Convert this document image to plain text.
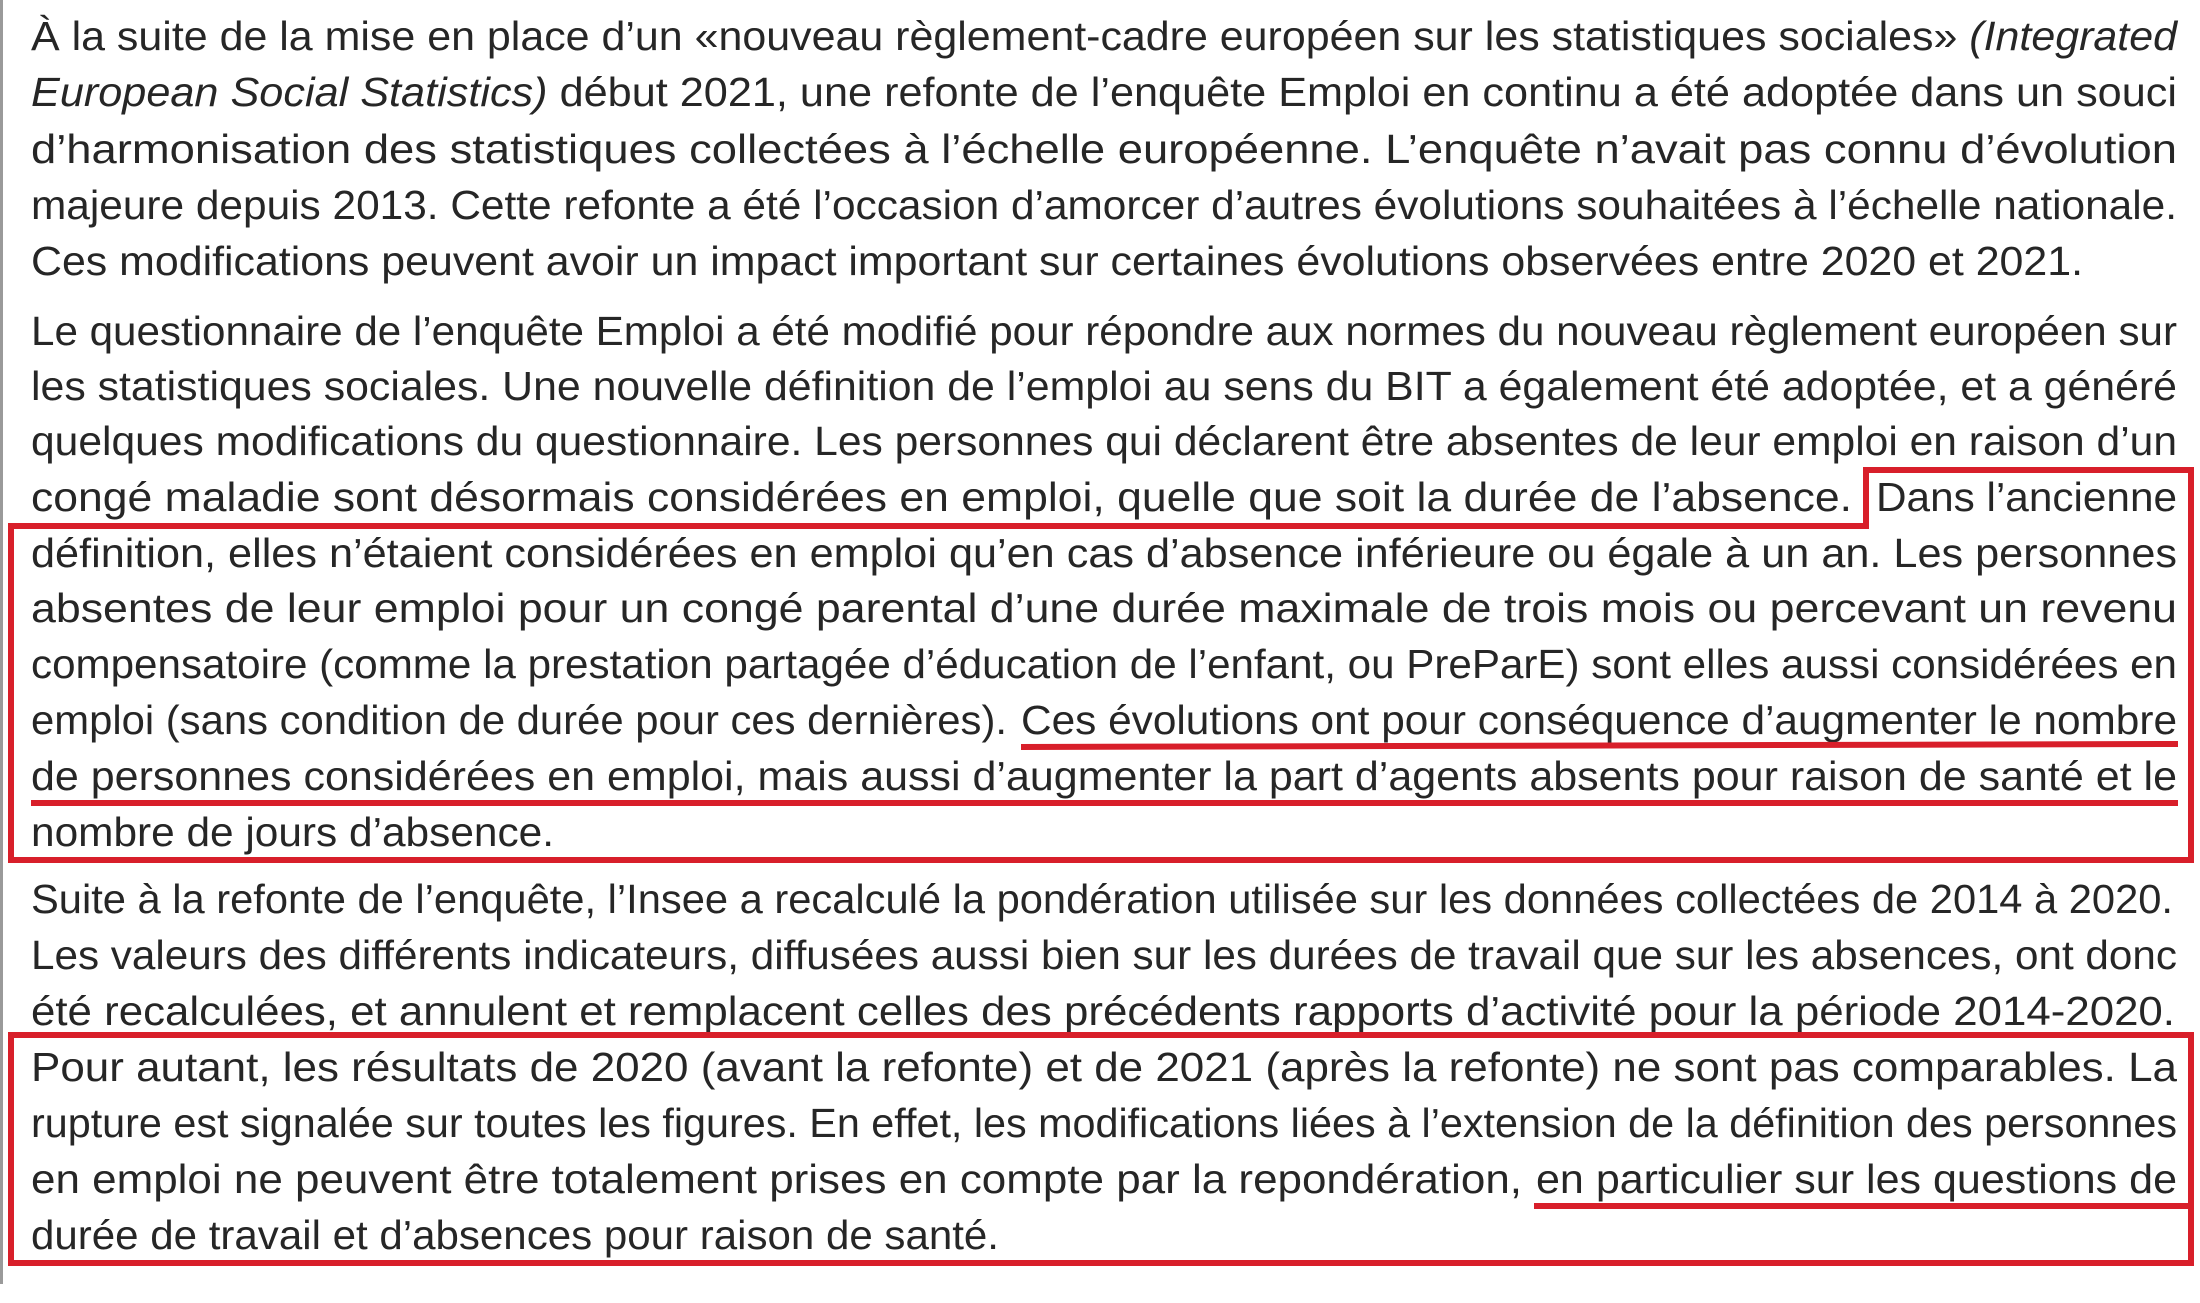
À la suite de la mise en place d’un «nouveau règlement-cadre européen sur les statistiques sociales» (Integrated
European Social Statistics) début 2021, une refonte de l’enquête Emploi en continu a été adoptée dans un souci
d’harmonisation des statistiques collectées à l’échelle européenne. L’enquête n’avait pas connu d’évolution
majeure depuis 2013. Cette refonte a été l’occasion d’amorcer d’autres évolutions souhaitées à l’échelle nationale.
Ces modifications peuvent avoir un impact important sur certaines évolutions observées entre 2020 et 2021.
Le questionnaire de l’enquête Emploi a été modifié pour répondre aux normes du nouveau règlement européen sur
les statistiques sociales. Une nouvelle définition de l’emploi au sens du BIT a également été adoptée, et a généré
quelques modifications du questionnaire. Les personnes qui déclarent être absentes de leur emploi en raison d’un
congé maladie sont désormais considérées en emploi, quelle que soit la durée de l’absence. Dans l’ancienne
définition, elles n’étaient considérées en emploi qu’en cas d’absence inférieure ou égale à un an. Les personnes
absentes de leur emploi pour un congé parental d’une durée maximale de trois mois ou percevant un revenu
compensatoire (comme la prestation partagée d’éducation de l’enfant, ou PreParE) sont elles aussi considérées en
emploi (sans condition de durée pour ces dernières). Ces évolutions ont pour conséquence d’augmenter le nombre
de personnes considérées en emploi, mais aussi d’augmenter la part d’agents absents pour raison de santé et le
nombre de jours d’absence.
Suite à la refonte de l’enquête, l’Insee a recalculé la pondération utilisée sur les données collectées de 2014 à 2020.
Les valeurs des différents indicateurs, diffusées aussi bien sur les durées de travail que sur les absences, ont donc
été recalculées, et annulent et remplacent celles des précédents rapports d’activité pour la période 2014-2020.
Pour autant, les résultats de 2020 (avant la refonte) et de 2021 (après la refonte) ne sont pas comparables. La
rupture est signalée sur toutes les figures. En effet, les modifications liées à l’extension de la définition des personnes
en emploi ne peuvent être totalement prises en compte par la repondération, en particulier sur les questions de
durée de travail et d’absences pour raison de santé.
